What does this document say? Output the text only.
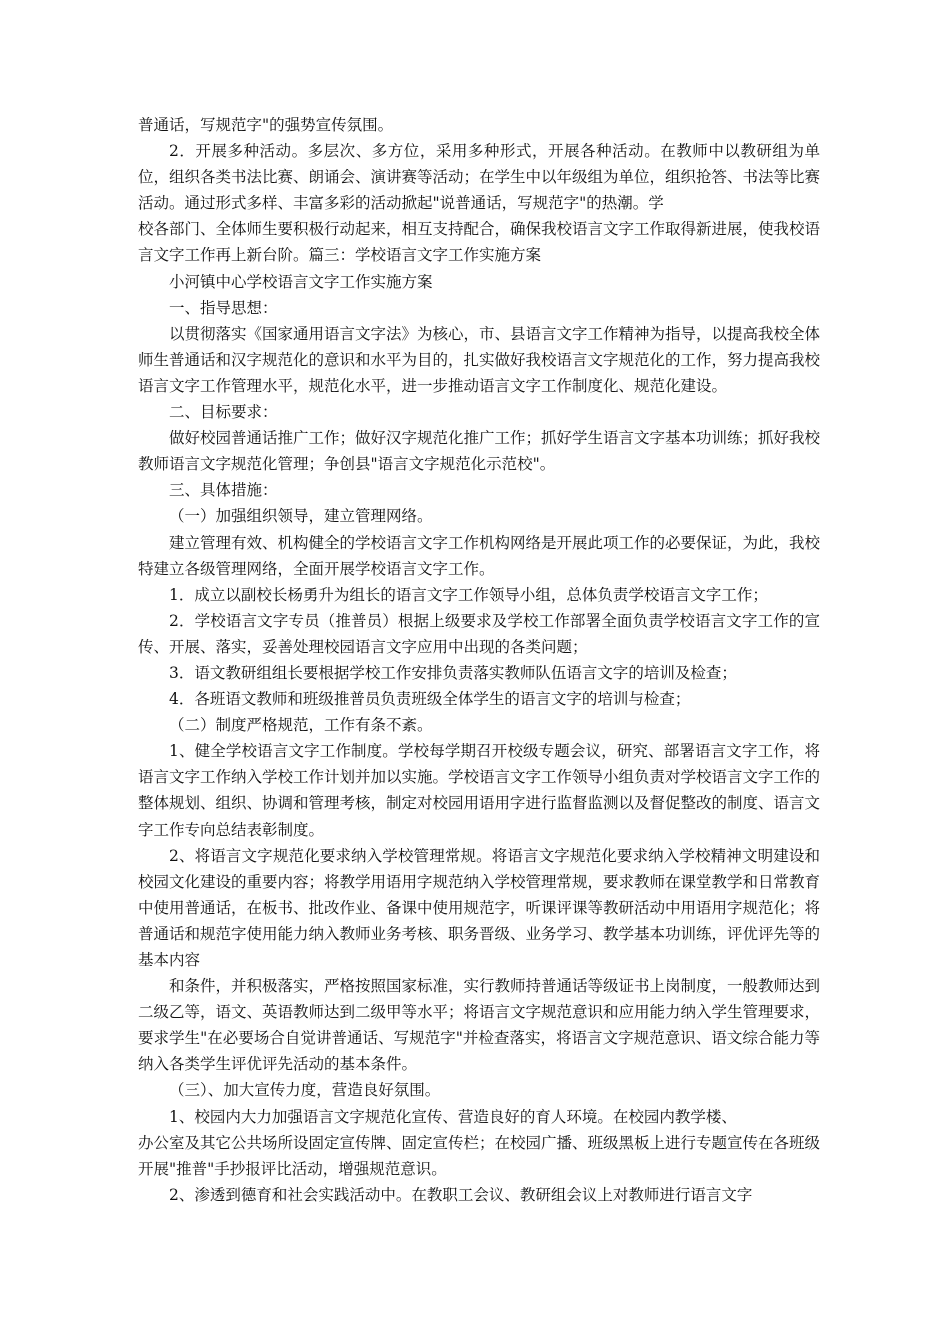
普通话，写规范字"的强势宣传氛围。

2．开展多种活动。多层次、多方位，采用多种形式，开展各种活动。在教师中以教研组为单位，组织各类书法比赛、朗诵会、演讲赛等活动；在学生中以年级组为单位，组织抢答、书法等比赛活动。通过形式多样、丰富多彩的活动掀起"说普通话，写规范字"的热潮。学

校各部门、全体师生要积极行动起来，相互支持配合，确保我校语言文字工作取得新进展，使我校语言文字工作再上新台阶。篇三：学校语言文字工作实施方案

小河镇中心学校语言文字工作实施方案

一、指导思想：

以贯彻落实《国家通用语言文字法》为核心，市、县语言文字工作精神为指导，以提高我校全体师生普通话和汉字规范化的意识和水平为目的，扎实做好我校语言文字规范化的工作，努力提高我校语言文字工作管理水平，规范化水平，进一步推动语言文字工作制度化、规范化建设。

二、目标要求：

做好校园普通话推广工作；做好汉字规范化推广工作；抓好学生语言文字基本功训练；抓好我校教师语言文字规范化管理；争创县"语言文字规范化示范校"。

三、具体措施：

（一）加强组织领导，建立管理网络。

建立管理有效、机构健全的学校语言文字工作机构网络是开展此项工作的必要保证，为此，我校特建立各级管理网络，全面开展学校语言文字工作。

1．成立以副校长杨勇升为组长的语言文字工作领导小组，总体负责学校语言文字工作；

2．学校语言文字专员（推普员）根据上级要求及学校工作部署全面负责学校语言文字工作的宣传、开展、落实，妥善处理校园语言文字应用中出现的各类问题；

3．语文教研组组长要根据学校工作安排负责落实教师队伍语言文字的培训及检查；

4．各班语文教师和班级推普员负责班级全体学生的语言文字的培训与检查；

（二）制度严格规范，工作有条不紊。

1、健全学校语言文字工作制度。学校每学期召开校级专题会议，研究、部署语言文字工作，将语言文字工作纳入学校工作计划并加以实施。学校语言文字工作领导小组负责对学校语言文字工作的整体规划、组织、协调和管理考核，制定对校园用语用字进行监督监测以及督促整改的制度、语言文字工作专向总结表彰制度。

2、将语言文字规范化要求纳入学校管理常规。将语言文字规范化要求纳入学校精神文明建设和校园文化建设的重要内容；将教学用语用字规范纳入学校管理常规，要求教师在课堂教学和日常教育中使用普通话，在板书、批改作业、备课中使用规范字，听课评课等教研活动中用语用字规范化；将普通话和规范字使用能力纳入教师业务考核、职务晋级、业务学习、教学基本功训练，评优评先等的基本内容

和条件，并积极落实，严格按照国家标准，实行教师持普通话等级证书上岗制度，一般教师达到二级乙等，语文、英语教师达到二级甲等水平；将语言文字规范意识和应用能力纳入学生管理要求，要求学生"在必要场合自觉讲普通话、写规范字"并检查落实，将语言文字规范意识、语文综合能力等纳入各类学生评优评先活动的基本条件。

（三）、加大宣传力度，营造良好氛围。

1、校园内大力加强语言文字规范化宣传、营造良好的育人环境。在校园内教学楼、

办公室及其它公共场所设固定宣传牌、固定宣传栏；在校园广播、班级黑板上进行专题宣传在各班级开展"推普"手抄报评比活动，增强规范意识。

2、渗透到德育和社会实践活动中。在教职工会议、教研组会议上对教师进行语言文字
